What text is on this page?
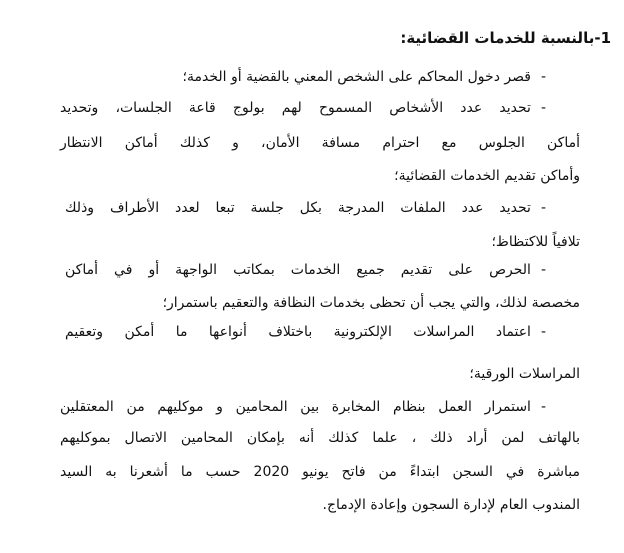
1-بالنسبة للخدمات القضائية:
- قصر دخول المحاكم على الشخص المعني بالقضية أو الخدمة؛
- تحديد عدد الأشخاص المسموح لهم بولوج قاعة الجلسات، وتحديد
أماكن الجلوس مع احترام مسافة الأمان، و كذلك أماكن الانتظار
وأماكن تقديم الخدمات القضائية؛
- تحديد عدد الملفات المدرجة بكل جلسة تبعا لعدد الأطراف وذلك
تلافياً للاكتظاظ؛
- الحرص على تقديم جميع الخدمات بمكاتب الواجهة أو في أماكن
مخصصة لذلك، والتي يجب أن تحظى بخدمات النظافة والتعقيم باستمرار؛
- اعتماد المراسلات الإلكترونية باختلاف أنواعها ما أمكن وتعقيم
المراسلات الورقية؛
- استمرار العمل بنظام المخابرة بين المحامين و موكليهم من المعتقلين
بالهاتف لمن أراد ذلك ، علما كذلك أنه بإمكان المحامين الاتصال بموكليهم
مباشرة في السجن ابتداءً من فاتح يونيو 2020 حسب ما أشعرنا به السيد
المندوب العام لإدارة السجون وإعادة الإدماج.
